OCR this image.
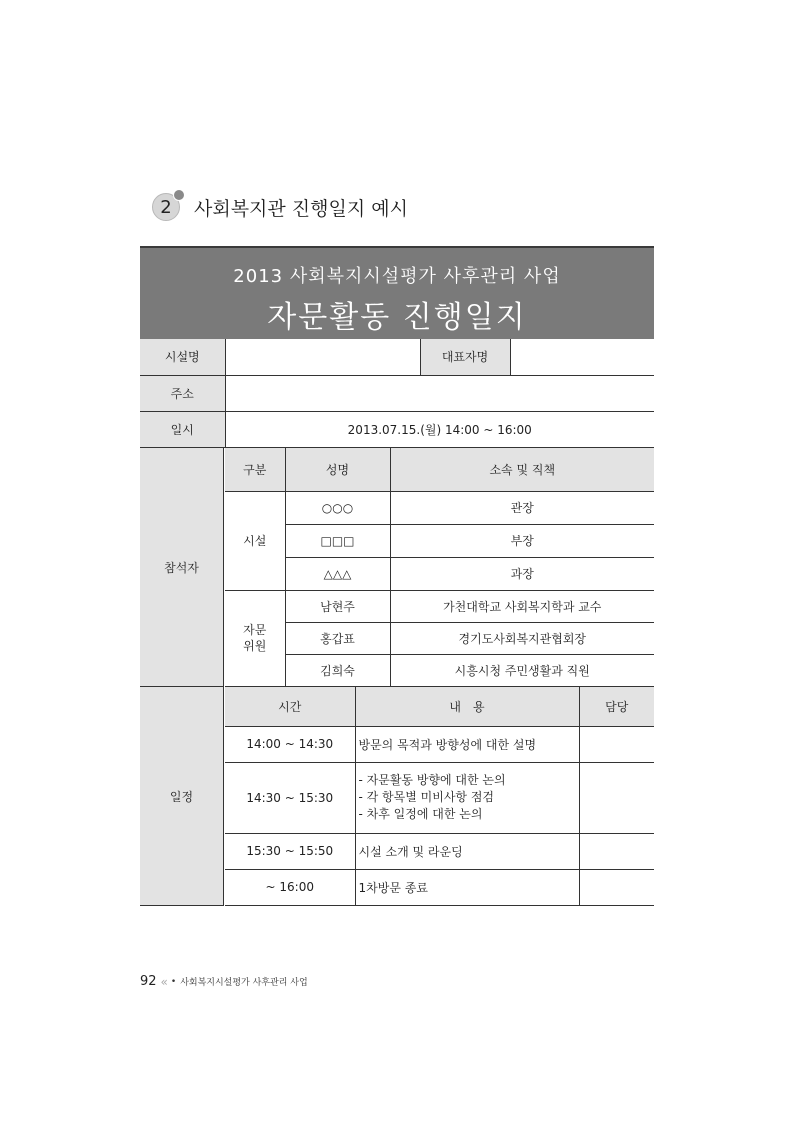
2 사회복지관 진행일지 예시
2013 사회복지시설평가 사후관리 사업
자문활동 진행일지
시설명		대표자명	
주소			
일시	2013.07.15.(월) 14:00 ~ 16:00		
참석자
구분	성명	소속 및 직책
시설	○○○	관장
	□□□	부장
	△△△	과장
자문
위원	남현주	가천대학교 사회복지학과 교수
	홍갑표	경기도사회복지관협회장
	김희숙	시흥시청 주민생활과 직원
일정
시간	내　용	담당
14:00 ~ 14:30	방문의 목적과 방향성에 대한 설명	
14:30 ~ 15:30	- 자문활동 방향에 대한 논의
- 각 항목별 미비사항 점검
- 차후 일정에 대한 논의	

15:30 ~ 15:50	시설 소개 및 라운딩	
~ 16:00	1차방문 종료	
92 « • 사회복지시설평가 사후관리 사업
